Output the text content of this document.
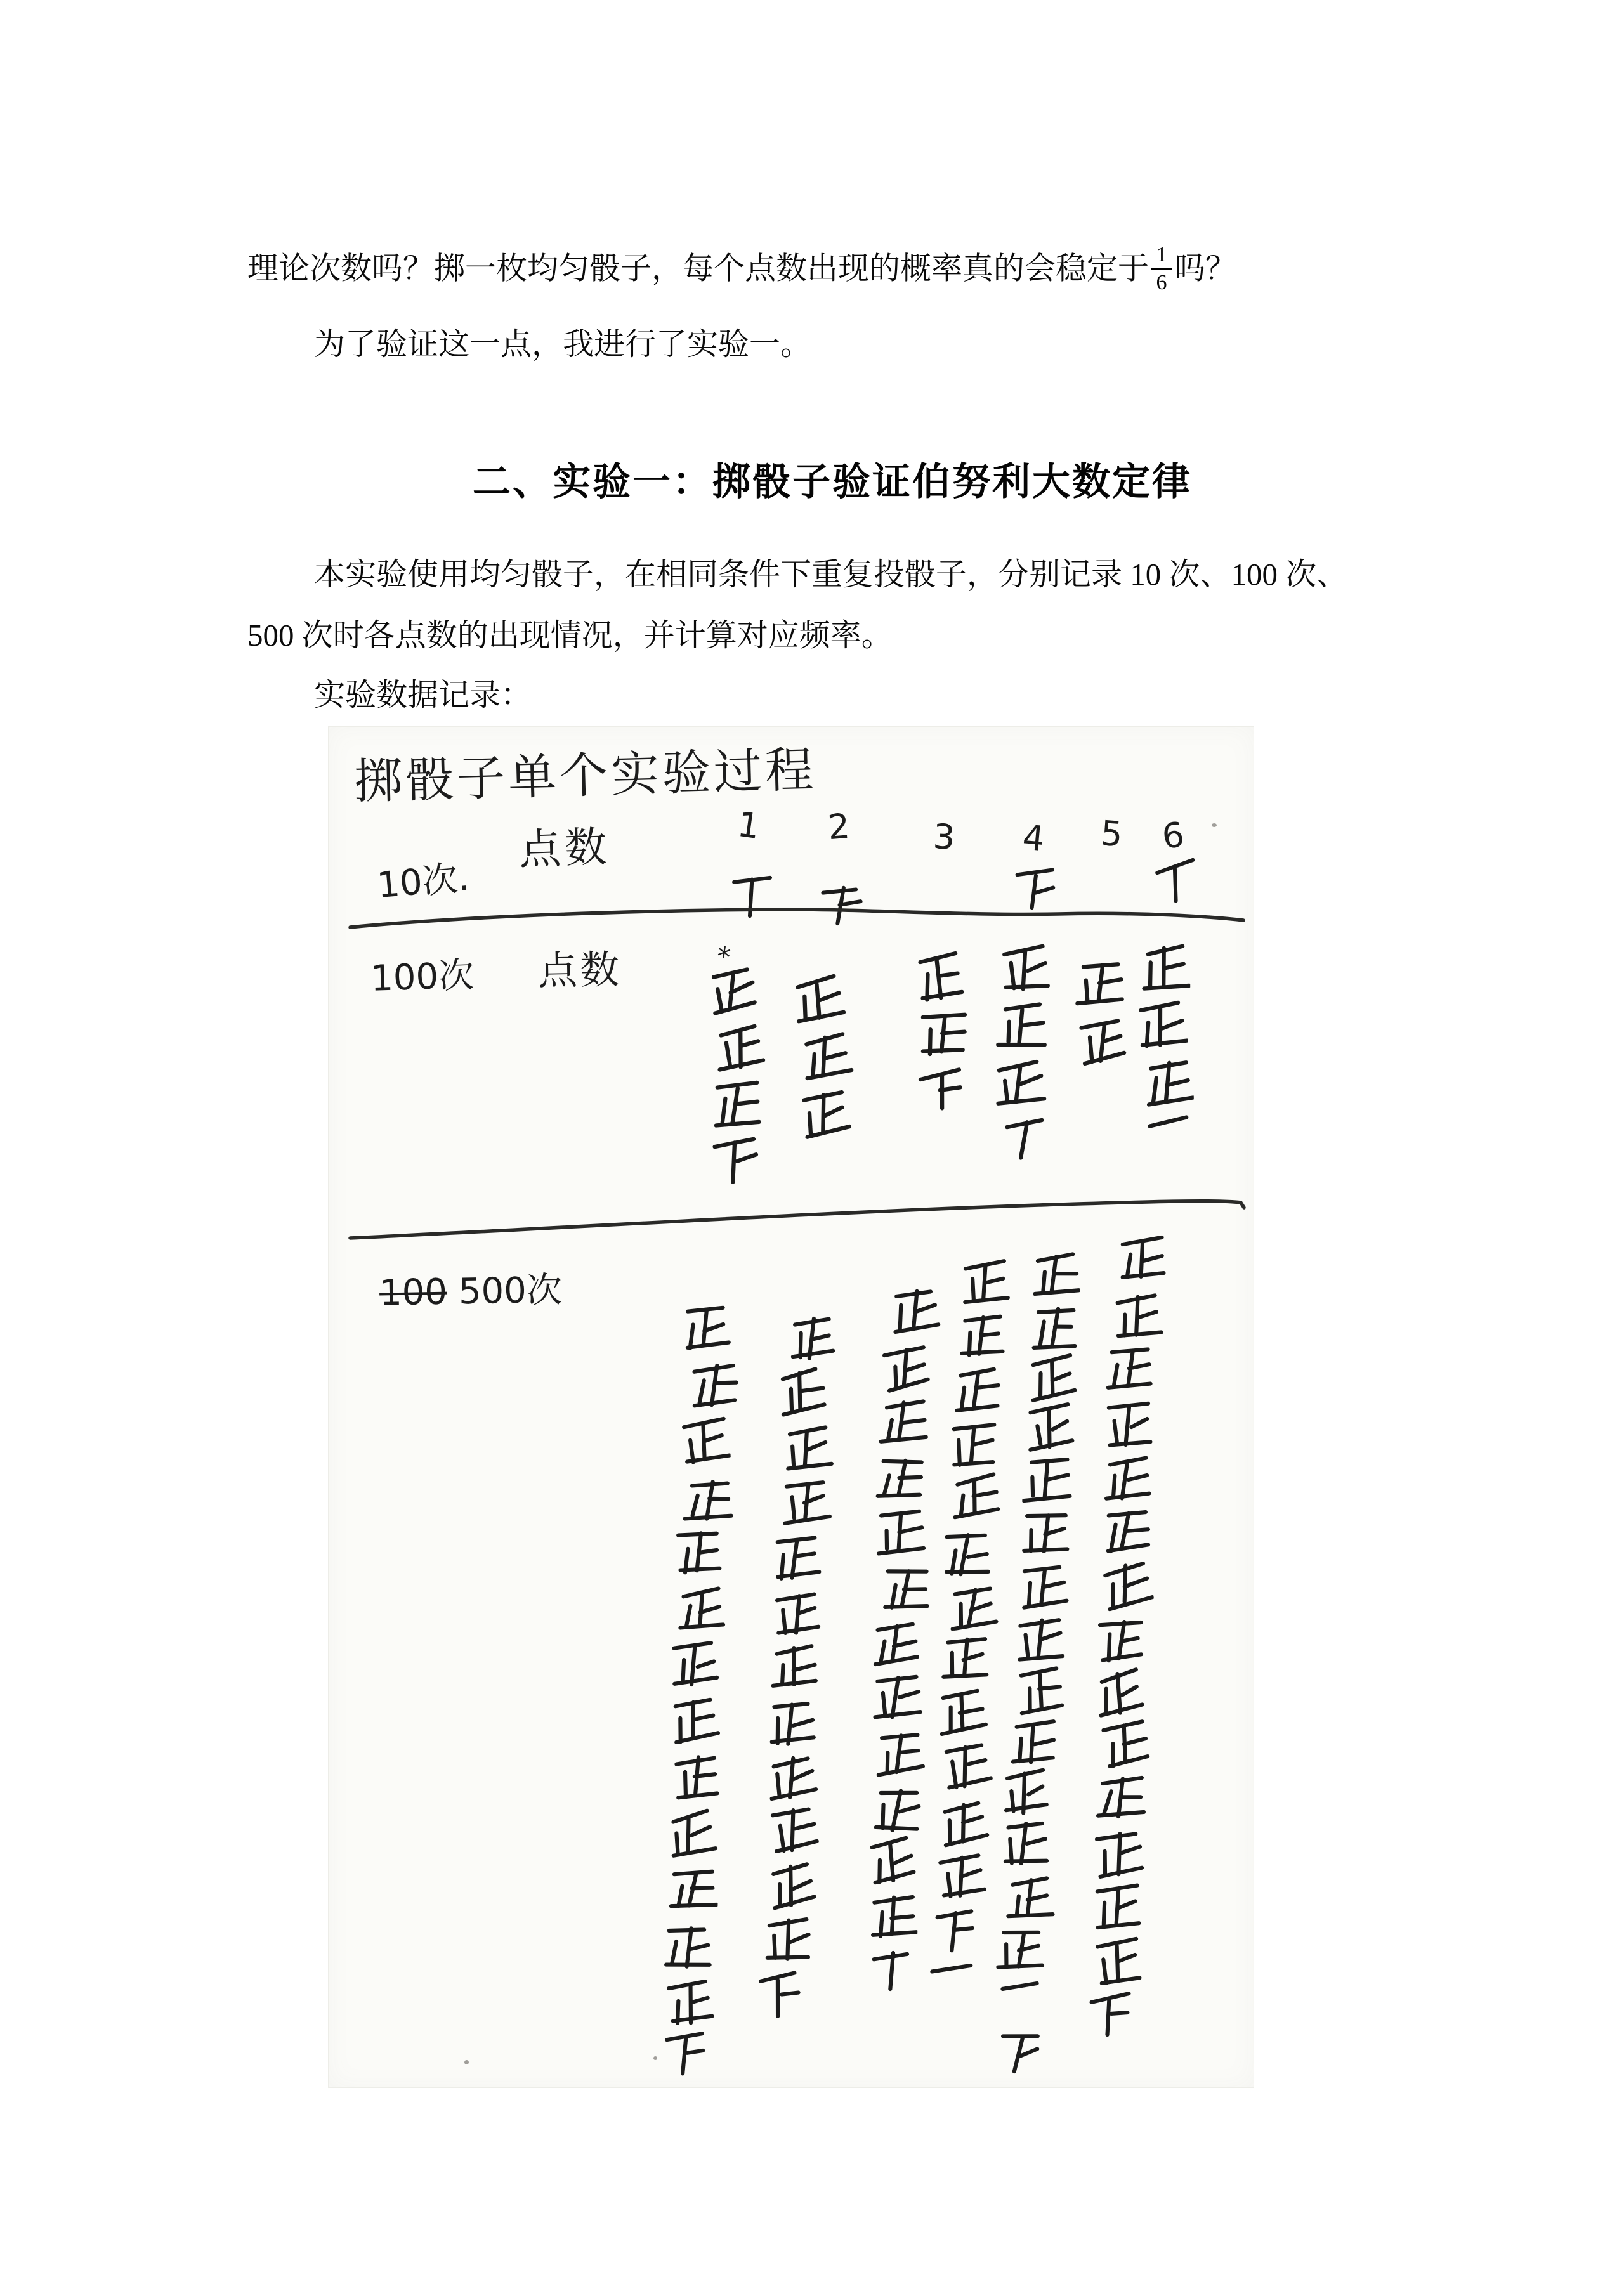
理论次数吗？掷一枚均匀骰子，每个点数出现的概率真的会稳定于 $\frac{1}{6}$ 吗？

为了验证这一点，我进行了实验一。

二、实验一：掷骰子验证伯努利大数定律

本实验使用均匀骰子，在相同条件下重复投骰子，分别记录 10 次、100 次、

500 次时各点数的出现情况，并计算对应频率。

实验数据记录：

掷骰子单个实验过程
10次.
点数	1 2 3 4 5 6
100次 点数	*
100 500次
